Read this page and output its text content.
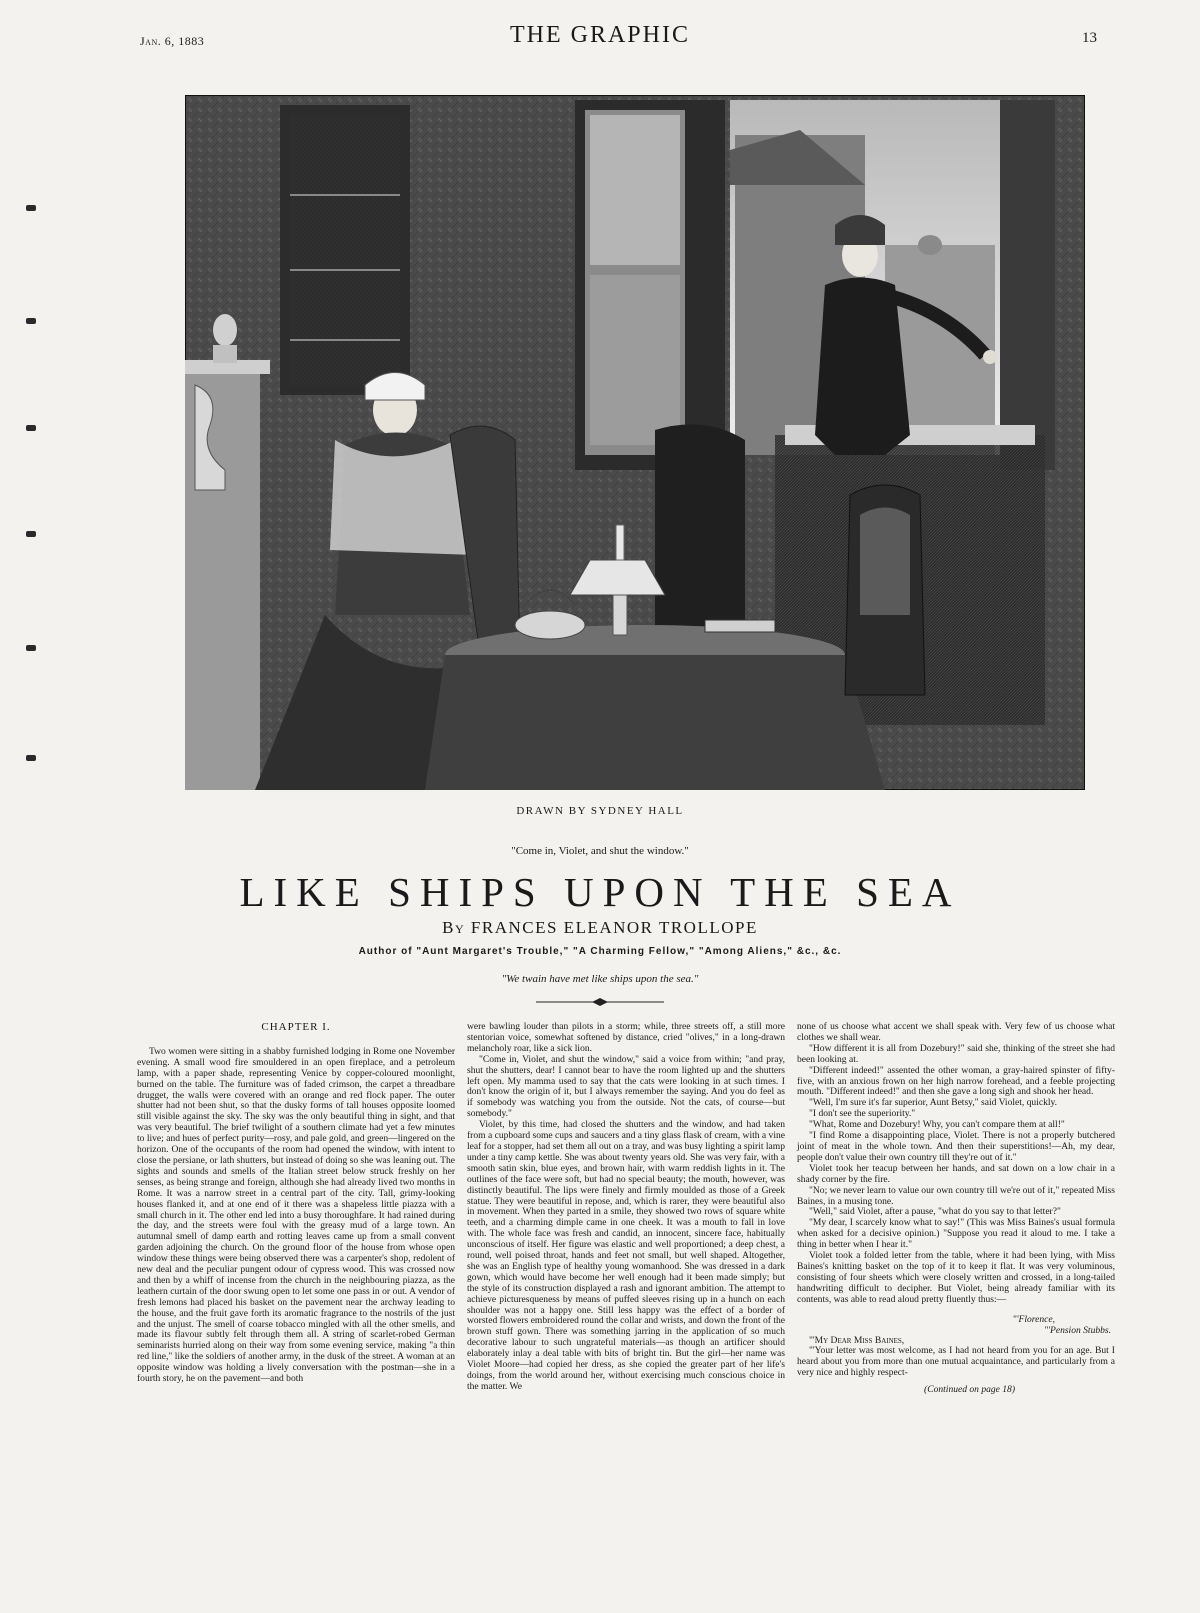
THE GRAPHIC
Jan. 6, 1883	13
DRAWN BY SYDNEY HALL
"Come in, Violet, and shut the window."
LIKE SHIPS UPON THE SEA
By FRANCES ELEANOR TROLLOPE
Author of "Aunt Margaret's Trouble," "A Charming Fellow," "Among Aliens," &c., &c.
"We twain have met like ships upon the sea."
CHAPTER I.

Two women were sitting in a shabby furnished lodging in Rome one November evening. A small wood fire smouldered in an open fireplace, and a petroleum lamp, with a paper shade, representing Venice by copper-coloured moonlight, burned on the table. The furniture was of faded crimson, the carpet a threadbare drugget, the walls were covered with an orange and red flock paper. The outer shutter had not been shut, so that the dusky forms of tall houses opposite loomed still visible against the sky. The sky was the only beautiful thing in sight, and that was very beautiful. The brief twilight of a southern climate had yet a few minutes to live; and hues of perfect purity—rosy, and pale gold, and green—lingered on the horizon. One of the occupants of the room had opened the window, with intent to close the persiane, or lath shutters, but instead of doing so she was leaning out. The sights and sounds and smells of the Italian street below struck freshly on her senses, as being strange and foreign, although she had already lived two months in Rome. It was a narrow street in a central part of the city. Tall, grimy-looking houses flanked it, and at one end of it there was a shapeless little piazza with a small church in it. The other end led into a busy thoroughfare. It had rained during the day, and the streets were foul with the greasy mud of a large town. An autumnal smell of damp earth and rotting leaves came up from a small convent garden adjoining the church. On the ground floor of the house from whose open window these things were being observed there was a carpenter's shop, redolent of new deal and the peculiar pungent odour of cypress wood. This was crossed now and then by a whiff of incense from the church in the neighbouring piazza, as the leathern curtain of the door swung open to let some one pass in or out. A vendor of fresh lemons had placed his basket on the pavement near the archway leading to the house, and the fruit gave forth its aromatic fragrance to the nostrils of the just and the unjust. The smell of coarse tobacco mingled with all the other smells, and made its flavour subtly felt through them all. A string of scarlet-robed German seminarists hurried along on their way from some evening service, making "a thin red line," like the soldiers of another army, in the dusk of the street. A woman at an opposite window was holding a lively conversation with the postman—she in a fourth story, he on the pavement—and both

were bawling louder than pilots in a storm; while, three streets off, a still more stentorian voice, somewhat softened by distance, cried "olives," in a long-drawn melancholy roar, like a sick lion.

"Come in, Violet, and shut the window," said a voice from within; "and pray, shut the shutters, dear! I cannot bear to have the room lighted up and the shutters left open. My mamma used to say that the cats were looking in at such times. I don't know the origin of it, but I always remember the saying. And you do feel as if somebody was watching you from the outside. Not the cats, of course—but somebody."

Violet, by this time, had closed the shutters and the window, and had taken from a cupboard some cups and saucers and a tiny glass flask of cream, with a vine leaf for a stopper, had set them all out on a tray, and was busy lighting a spirit lamp under a tiny camp kettle. She was about twenty years old. She was very fair, with a smooth satin skin, blue eyes, and brown hair, with warm reddish lights in it. The outlines of the face were soft, but had no special beauty; the mouth, however, was distinctly beautiful. The lips were finely and firmly moulded as those of a Greek statue. They were beautiful in repose, and, which is rarer, they were beautiful also in movement. When they parted in a smile, they showed two rows of square white teeth, and a charming dimple came in one cheek. It was a mouth to fall in love with. The whole face was fresh and candid, an innocent, sincere face, habitually unconscious of itself. Her figure was elastic and well proportioned; a deep chest, a round, well poised throat, hands and feet not small, but well shaped. Altogether, she was an English type of healthy young womanhood. She was dressed in a dark gown, which would have become her well enough had it been made simply; but the style of its construction displayed a rash and ignorant ambition. The attempt to achieve picturesqueness by means of puffed sleeves rising up in a hunch on each shoulder was not a happy one. Still less happy was the effect of a border of worsted flowers embroidered round the collar and wrists, and down the front of the brown stuff gown. There was something jarring in the application of so much decorative labour to such ungrateful materials—as though an artificer should elaborately inlay a deal table with bits of bright tin. But the girl—her name was Violet Moore—had copied her dress, as she copied the greater part of her life's doings, from the world around her, without exercising much conscious choice in the matter. We

none of us choose what accent we shall speak with. Very few of us choose what clothes we shall wear.

"How different it is all from Dozebury!" said she, thinking of the street she had been looking at.

"Different indeed!" assented the other woman, a gray-haired spinster of fifty-five, with an anxious frown on her high narrow forehead, and a feeble projecting mouth. "Different indeed!" and then she gave a long sigh and shook her head.

"Well, I'm sure it's far superior, Aunt Betsy," said Violet, quickly.

"I don't see the superiority."

"What, Rome and Dozebury! Why, you can't compare them at all!"

"I find Rome a disappointing place, Violet. There is not a properly butchered joint of meat in the whole town. And then their superstitions!—Ah, my dear, people don't value their own country till they're out of it."

Violet took her teacup between her hands, and sat down on a low chair in a shady corner by the fire.

"No; we never learn to value our own country till we're out of it," repeated Miss Baines, in a musing tone.

"Well," said Violet, after a pause, "what do you say to that letter?"

"My dear, I scarcely know what to say!" (This was Miss Baines's usual formula when asked for a decisive opinion.) "Suppose you read it aloud to me. I take a thing in better when I hear it."

Violet took a folded letter from the table, where it had been lying, with Miss Baines's knitting basket on the top of it to keep it flat. It was very voluminous, consisting of four sheets which were closely written and crossed, in a long-tailed handwriting difficult to decipher. But Violet, being already familiar with its contents, was able to read aloud pretty fluently thus:—

"'Florence,
"'Pension Stubbs.

"'My Dear Miss Baines,

"'Your letter was most welcome, as I had not heard from you for an age. But I heard about you from more than one mutual acquaintance, and particularly from a very nice and highly respect-

(Continued on page 18)
